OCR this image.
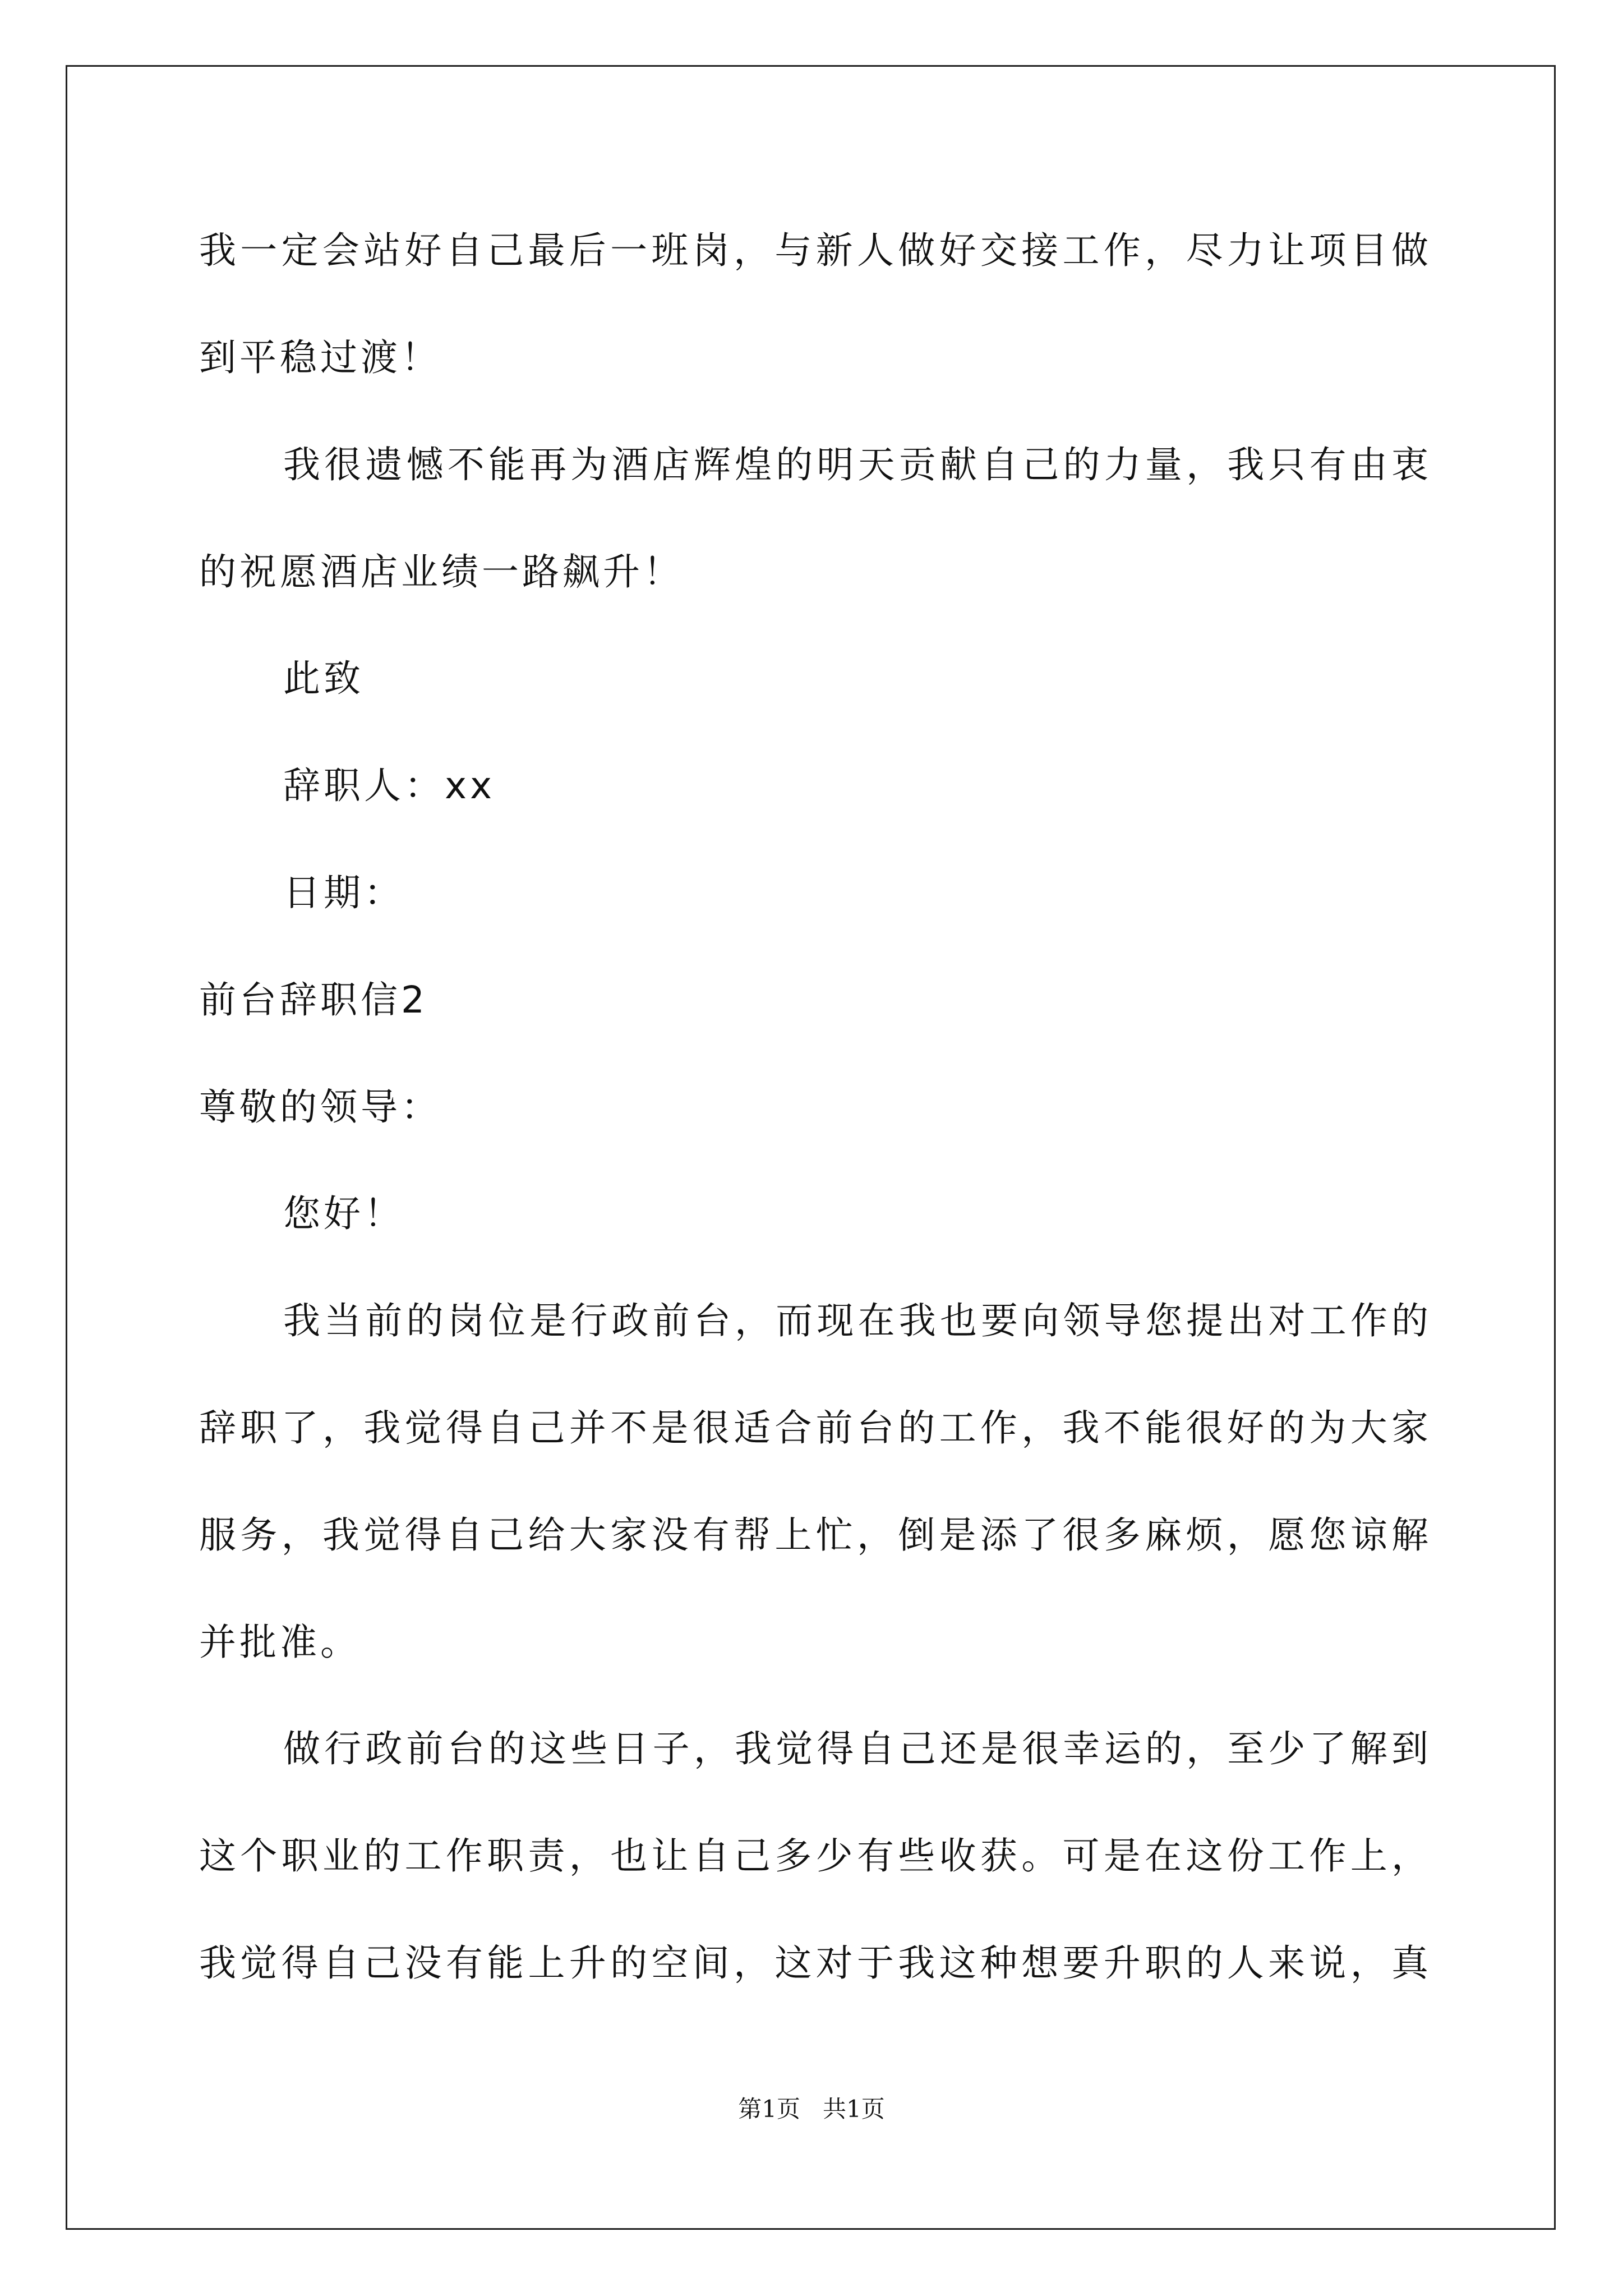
我一定会站好自己最后一班岗，与新人做好交接工作，尽力让项目做
到平稳过渡！
我很遗憾不能再为酒店辉煌的明天贡献自己的力量，我只有由衷
的祝愿酒店业绩一路飙升！
此致
辞职人：xx
日期：
前台辞职信2
尊敬的领导：
您好！
我当前的岗位是行政前台，而现在我也要向领导您提出对工作的
辞职了，我觉得自己并不是很适合前台的工作，我不能很好的为大家
服务，我觉得自己给大家没有帮上忙，倒是添了很多麻烦，愿您谅解
并批准。
做行政前台的这些日子，我觉得自己还是很幸运的，至少了解到
这个职业的工作职责，也让自己多少有些收获。可是在这份工作上，
我觉得自己没有能上升的空间，这对于我这种想要升职的人来说，真
第1页   共1页
